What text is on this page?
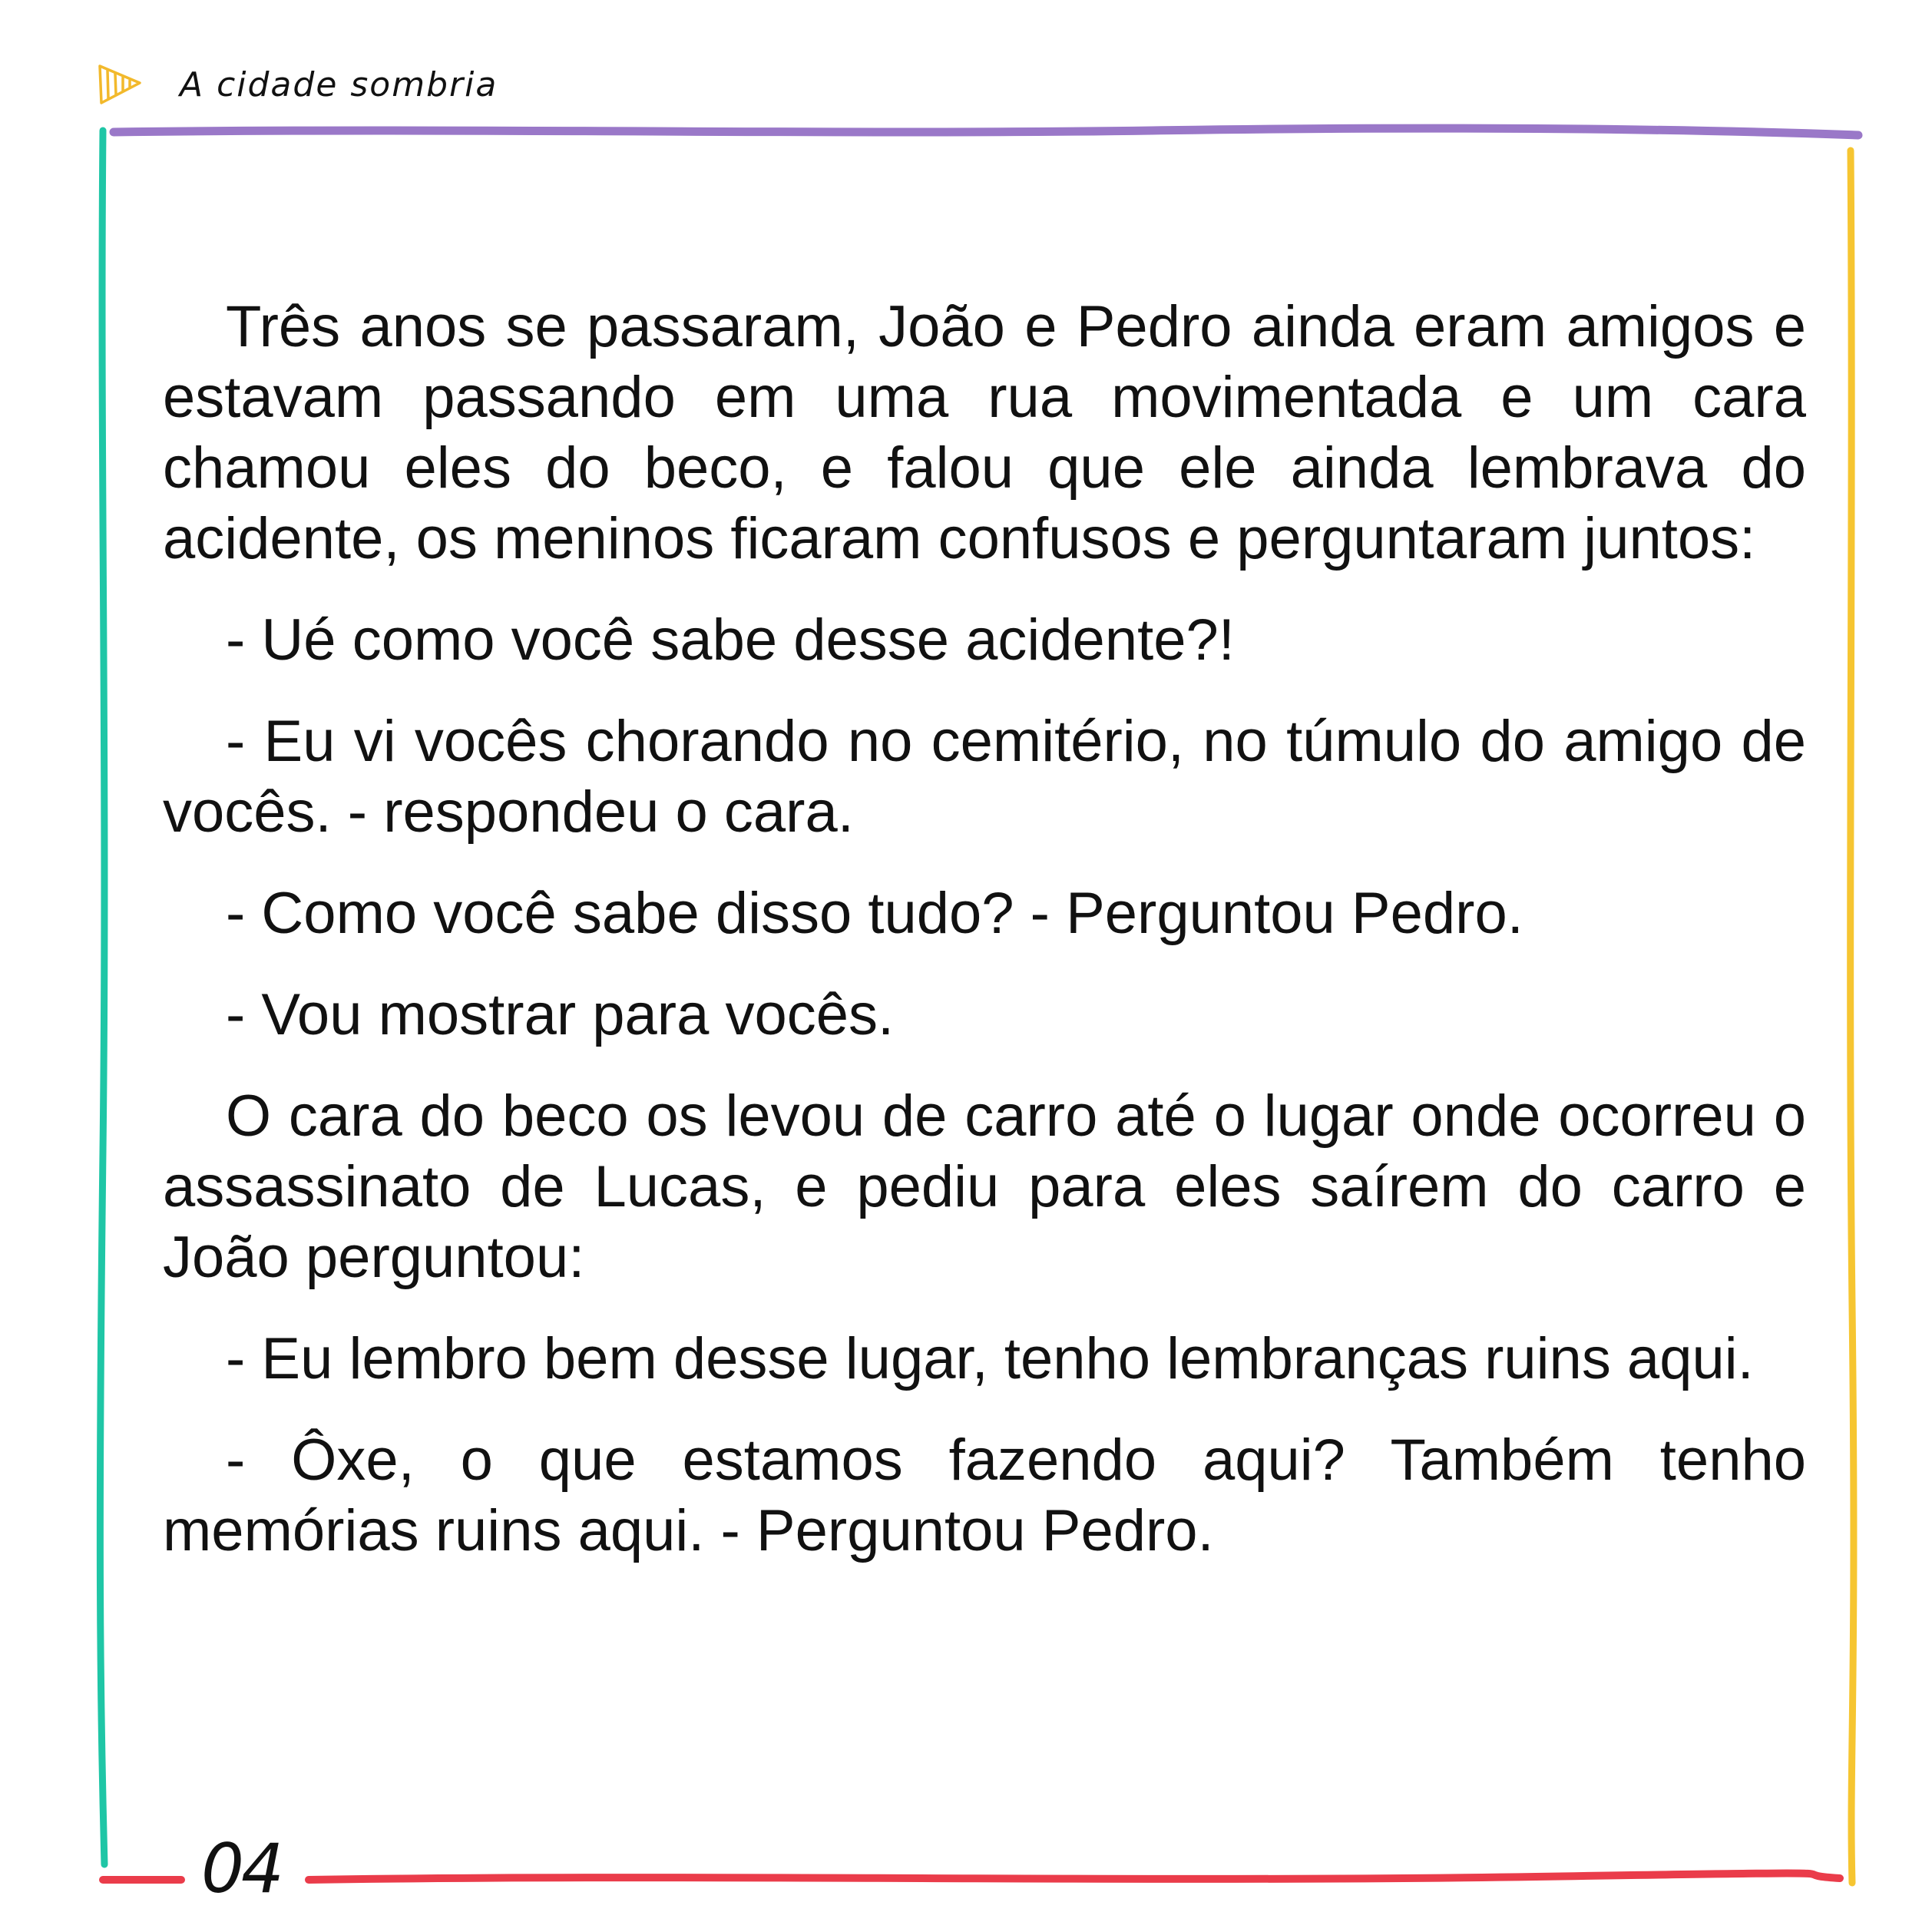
A cidade sombria

Três anos se passaram, João e Pedro ainda eram amigos e estavam passando em uma rua movimentada e um cara chamou eles do beco, e falou que ele ainda lembrava do acidente, os meninos ficaram confusos e perguntaram juntos:

- Ué como você sabe desse acidente?!

- Eu vi vocês chorando no cemitério, no túmulo do amigo de vocês. - respondeu o cara.

- Como você sabe disso tudo? - Perguntou Pedro.

- Vou mostrar para vocês.

O cara do beco os levou de carro até o lugar onde ocorreu o assassinato de Lucas, e pediu para eles saírem do carro e João perguntou:

- Eu lembro bem desse lugar, tenho lembranças ruins aqui.

- Ôxe, o que estamos fazendo aqui? Também tenho memórias ruins aqui. - Perguntou Pedro.

04
